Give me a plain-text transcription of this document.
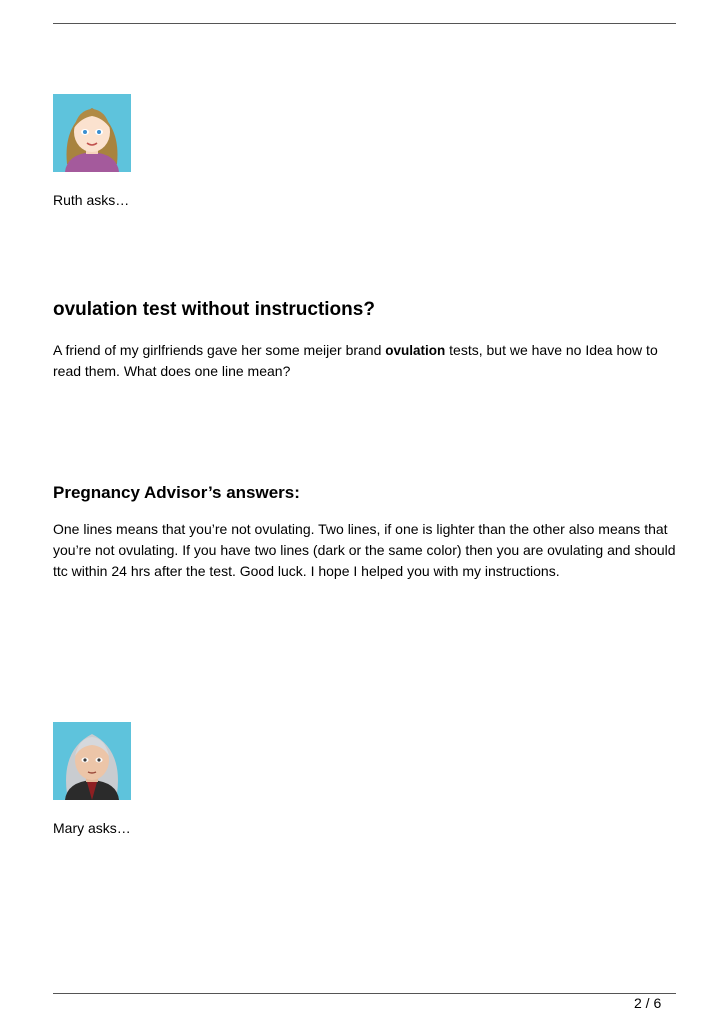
Ruth asks…

ovulation test without instructions?

A friend of my girlfriends gave her some meijer brand ovulation tests, but we have no Idea how to read them. What does one line mean?

Pregnancy Advisor’s answers:

One lines means that you’re not ovulating. Two lines, if one is lighter than the other also means that you’re not ovulating. If you have two lines (dark or the same color) then you are ovulating and should ttc within 24 hrs after the test. Good luck. I hope I helped you with my instructions.

Mary asks…

2 / 6
